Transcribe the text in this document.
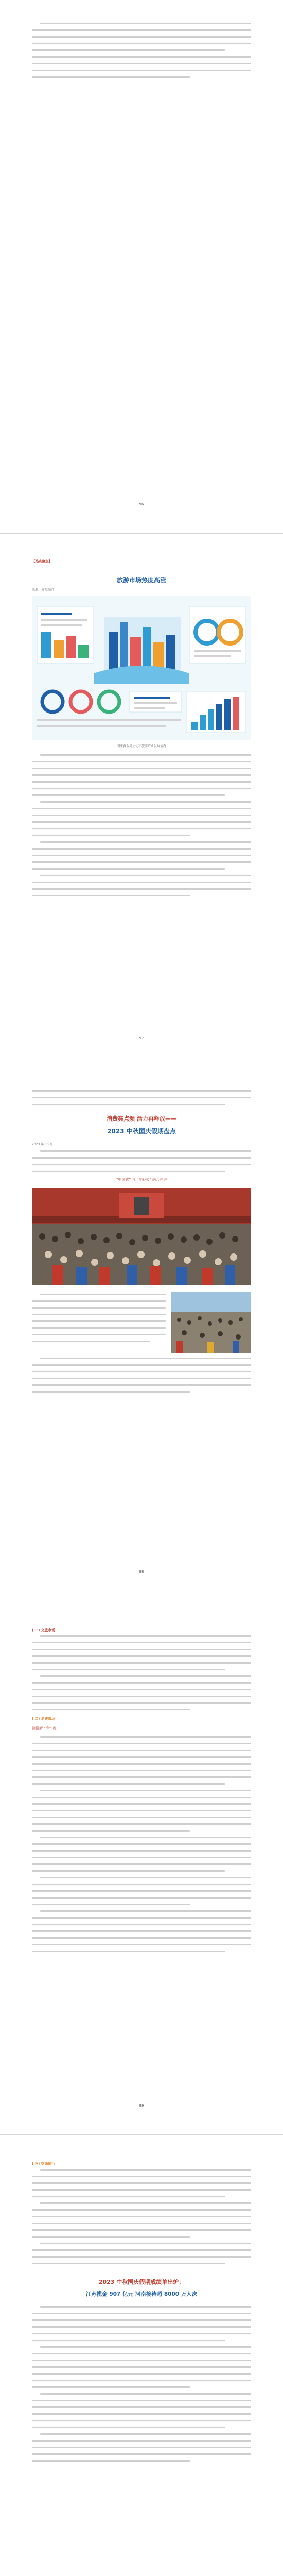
96
【热点聚焦】
旅游市场热度高涨
来源：央视新闻
国庆黄金周文化和旅游产业发展情况
97
消费亮点频 活力再释放——
2023 中秋国庆假期盘点
2023 年 10 月
“中国式” 与 “年轻式” 融合并进
98
( 一) 文旅市场
( 二) 消费市场
消费新 “亮” 点
99
( 三) 交通出行
2023 中秋国庆假期成绩单出炉：
江苏揽金 907 亿元 河南接待超 8000 万人次
